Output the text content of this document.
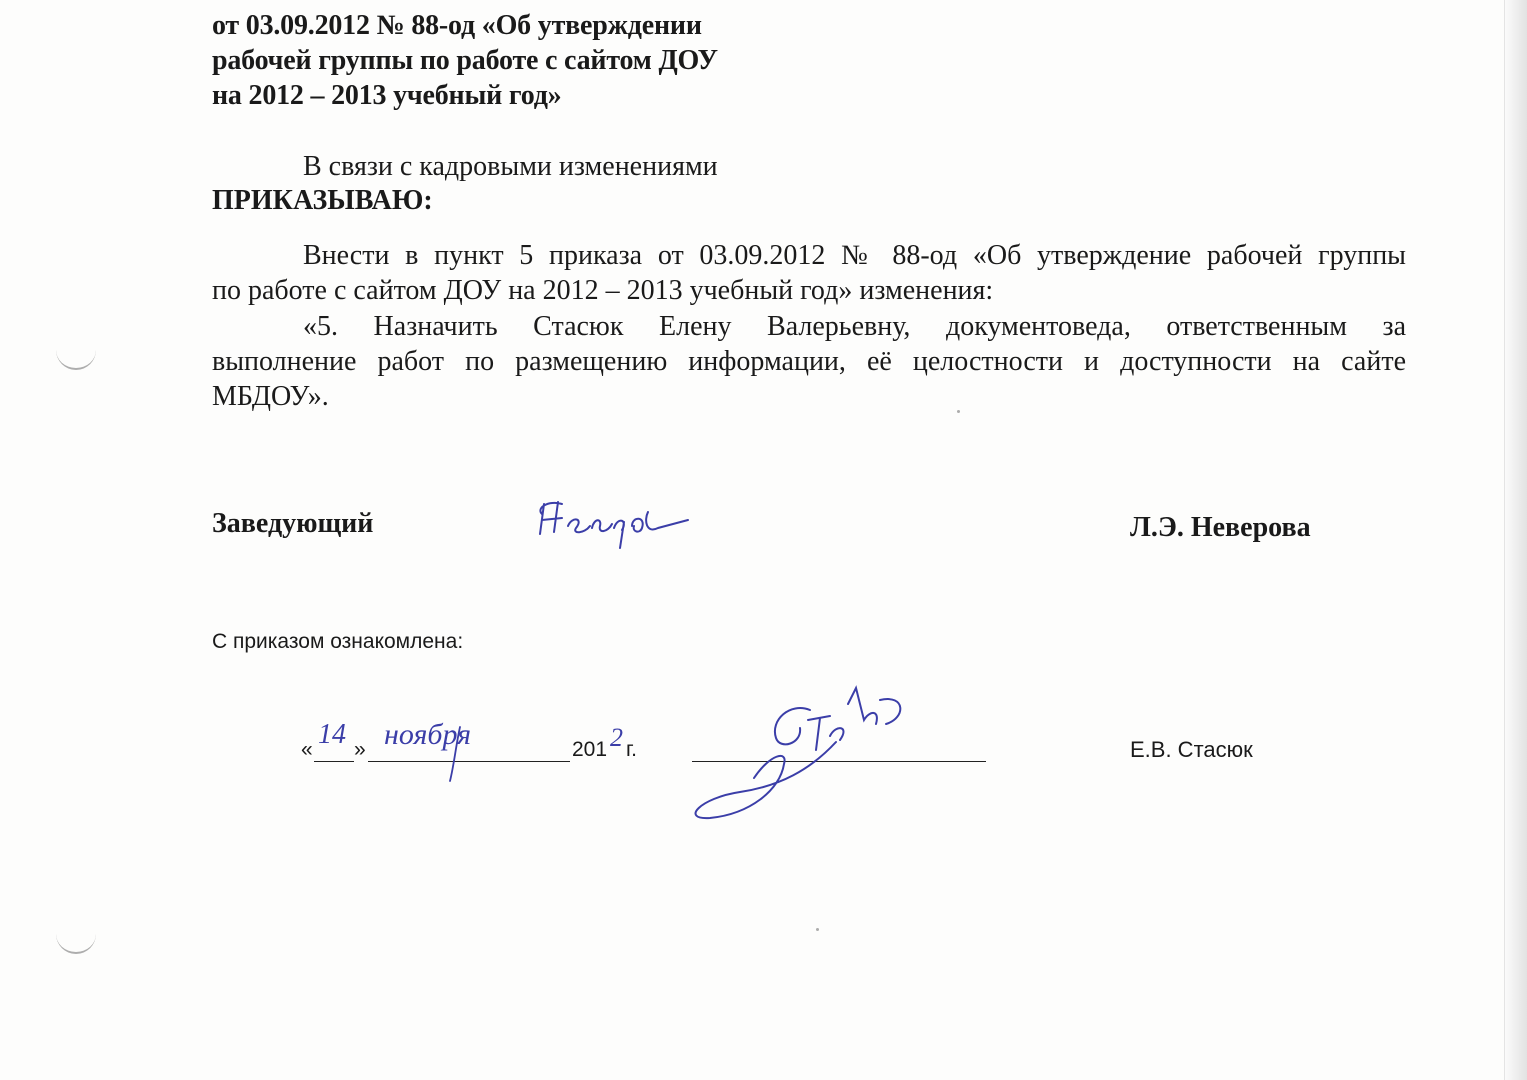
от 03.09.2012 № 88-од «Об утверждении
рабочей группы по работе с сайтом ДОУ
на 2012 – 2013 учебный год»
В связи с кадровыми изменениями
ПРИКАЗЫВАЮ:
Внести в пункт 5 приказа от 03.09.2012 № 88-од «Об утверждение рабочей группы
по работе с сайтом ДОУ на 2012 – 2013 учебный год» изменения:
«5. Назначить Стасюк Елену Валерьевну, документоведа, ответственным за
выполнение работ по размещению информации, её целостности и доступности на сайте
МБДОУ».
Заведующий	Л.Э. Неверова
С приказом ознакомлена:
« 14 » ноября	201 2 г.	Е.В. Стасюк
